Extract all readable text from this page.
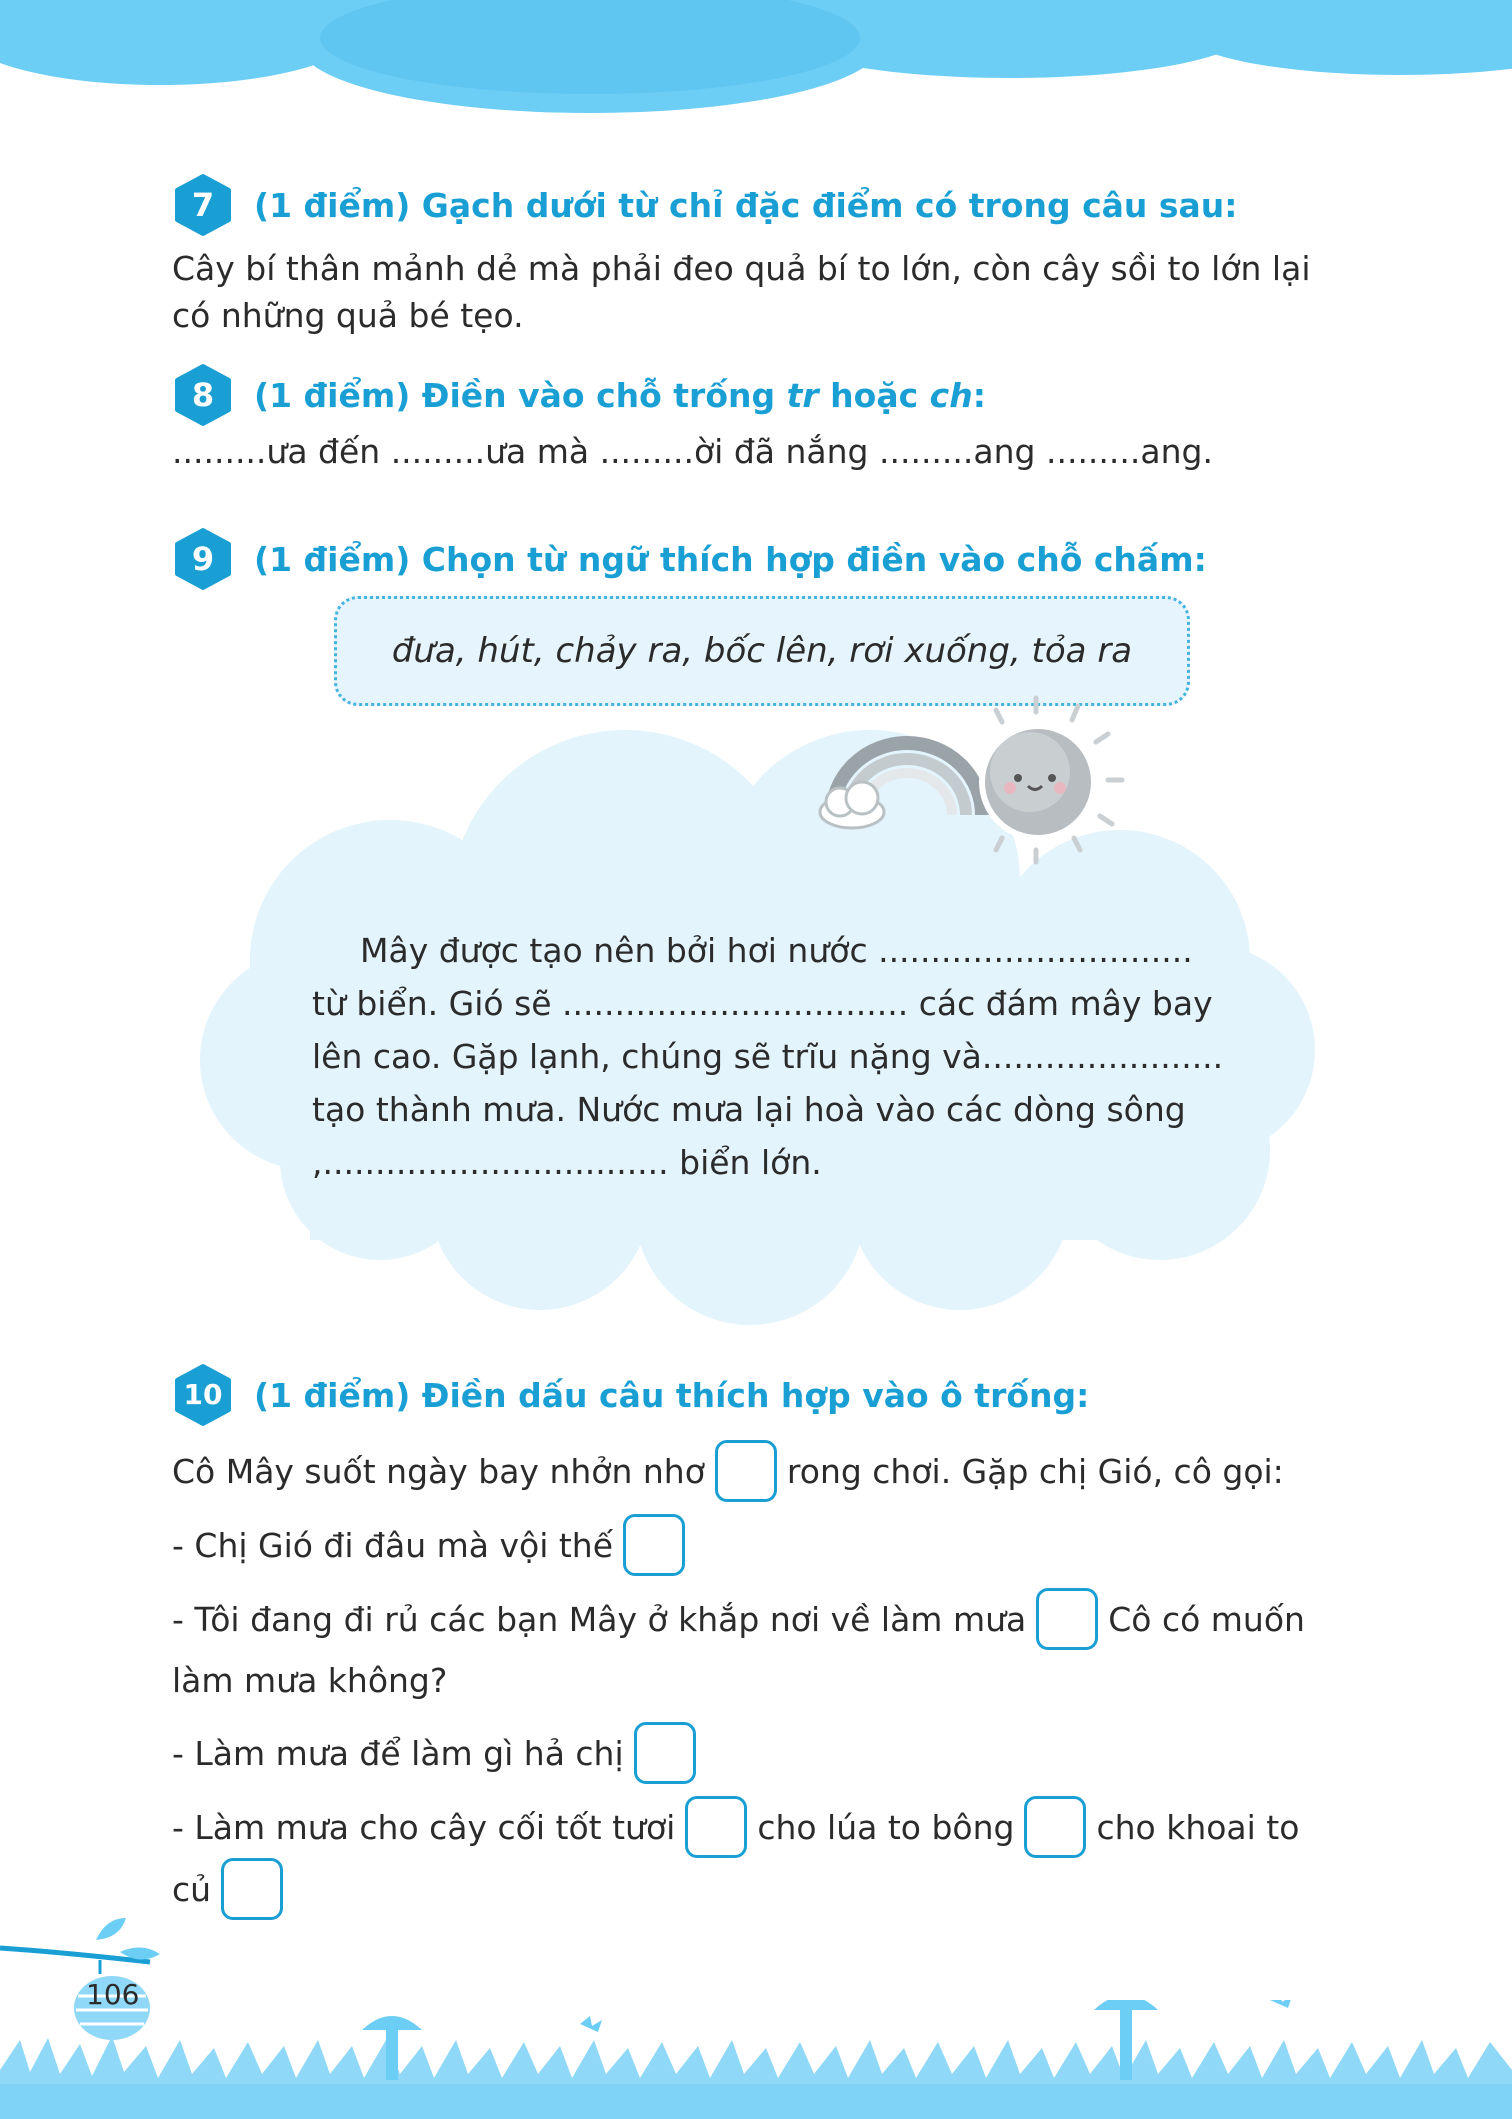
7	(1 điểm) Gạch dưới từ chỉ đặc điểm có trong câu sau:
Cây bí thân mảnh dẻ mà phải đeo quả bí to lớn, còn cây sồi to lớn lại
có những quả bé tẹo.
8	(1 điểm) Điền vào chỗ trống tr hoặc ch:
.........ưa đến .........ưa mà .........ời đã nắng .........ang .........ang.
9	(1 điểm) Chọn từ ngữ thích hợp điền vào chỗ chấm:
đưa, hút, chảy ra, bốc lên, rơi xuống, tỏa ra
Mây được tạo nên bởi hơi nước ..............................
từ biển. Gió sẽ ................................. các đám mây bay
lên cao. Gặp lạnh, chúng sẽ trĩu nặng và.......................
tạo thành mưa. Nước mưa lại hoà vào các dòng sông
,................................. biển lớn.
10 (1 điểm) Điền dấu câu thích hợp vào ô trống:
Cô Mây suốt ngày bay nhởn nhơ rong chơi. Gặp chị Gió, cô gọi:
- Chị Gió đi đâu mà vội thế
- Tôi đang đi rủ các bạn Mây ở khắp nơi về làm mưa Cô có muốn
làm mưa không?
- Làm mưa để làm gì hả chị
- Làm mưa cho cây cối tốt tươi cho lúa to bông cho khoai to
củ
106
